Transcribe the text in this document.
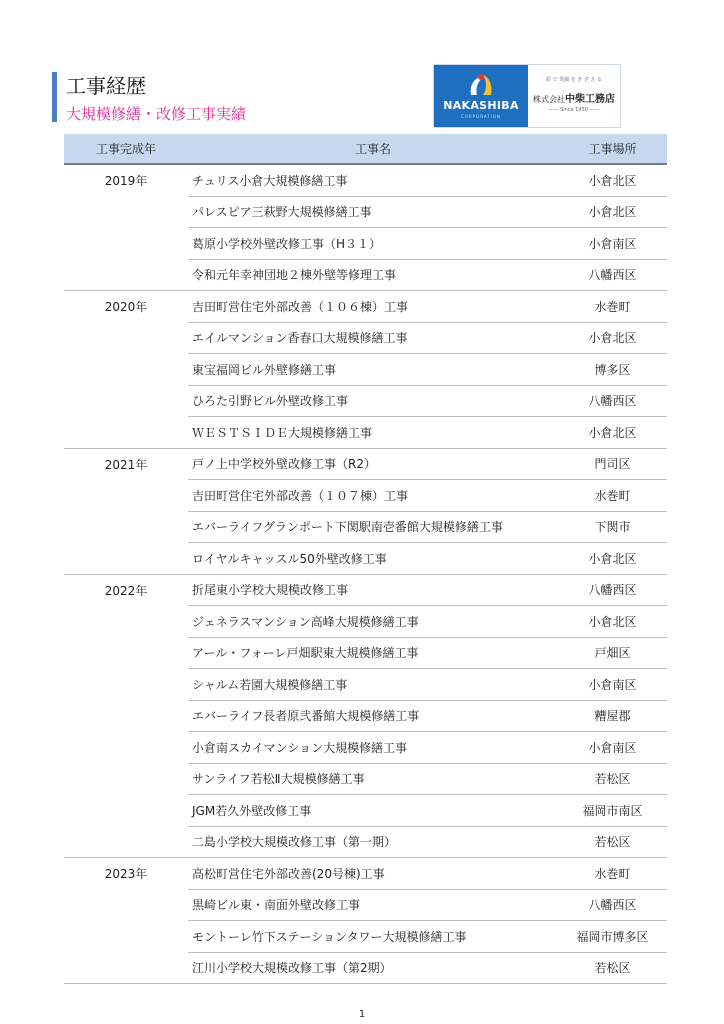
工事経歴
大規模修繕・改修工事実績	NAKASHIBA
CORPORATION
彩 で 笑顔 を き ざ え る
株式会社中柴工務店
—— Since 1950 ——
工事完成年	工事名	工事場所
2019年	チュリス小倉大規模修繕工事	小倉北区
	パレスピア三萩野大規模修繕工事	小倉北区
	葛原小学校外壁改修工事（H３１）	小倉南区
	令和元年幸神団地２棟外壁等修理工事	八幡西区
2020年	吉田町営住宅外部改善（１０６棟）工事	水巻町
	エイルマンション香春口大規模修繕工事	小倉北区
	東宝福岡ビル外壁修繕工事	博多区
	ひろた引野ビル外壁改修工事	八幡西区
	ＷＥＳＴＳＩＤＥ大規模修繕工事	小倉北区
2021年	戸ノ上中学校外壁改修工事（R2）	門司区
	吉田町営住宅外部改善（１０７棟）工事	水巻町
	エバーライフグランポート下関駅南壱番館大規模修繕工事	下関市
	ロイヤルキャッスル50外壁改修工事	小倉北区
2022年	折尾東小学校大規模改修工事	八幡西区
	ジェネラスマンション高峰大規模修繕工事	小倉北区
	アール・フォーレ戸畑駅東大規模修繕工事	戸畑区
	シャルム若園大規模修繕工事	小倉南区
	エバーライフ長者原弐番館大規模修繕工事	糟屋郡
	小倉南スカイマンション大規模修繕工事	小倉南区
	サンライフ若松Ⅱ大規模修繕工事	若松区
	JGM若久外壁改修工事	福岡市南区
	二島小学校大規模改修工事（第一期）	若松区
2023年	高松町営住宅外部改善(20号棟)工事	水巻町
	黒崎ビル東・南面外壁改修工事	八幡西区
	モントーレ竹下ステーションタワー大規模修繕工事	福岡市博多区
	江川小学校大規模改修工事（第2期）	若松区
1
